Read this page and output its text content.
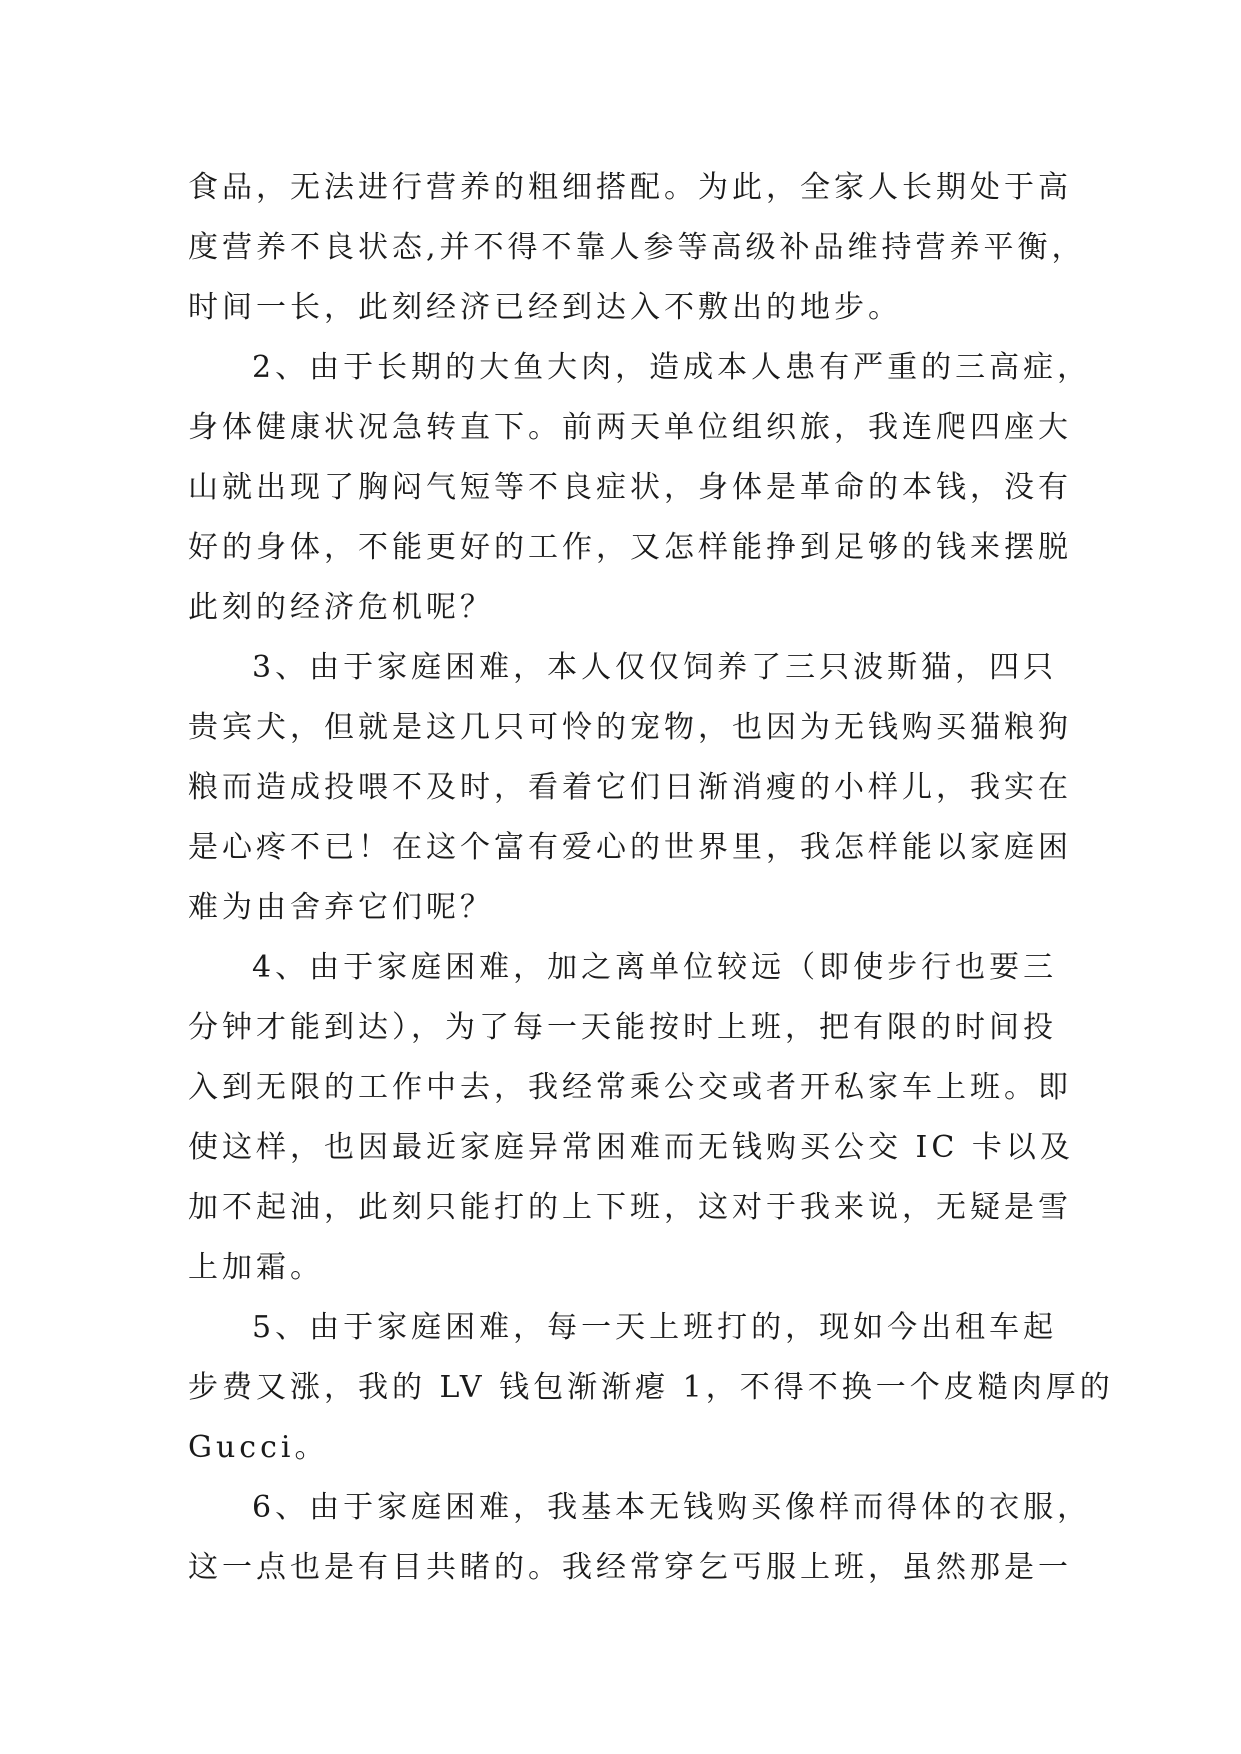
食品，无法进行营养的粗细搭配。为此，全家人长期处于高
度营养不良状态,并不得不靠人参等高级补品维持营养平衡，
时间一长，此刻经济已经到达入不敷出的地步。
2、由于长期的大鱼大肉，造成本人患有严重的三高症，
身体健康状况急转直下。前两天单位组织旅，我连爬四座大
山就出现了胸闷气短等不良症状，身体是革命的本钱，没有
好的身体，不能更好的工作，又怎样能挣到足够的钱来摆脱
此刻的经济危机呢？
3、由于家庭困难，本人仅仅饲养了三只波斯猫，四只
贵宾犬，但就是这几只可怜的宠物，也因为无钱购买猫粮狗
粮而造成投喂不及时，看着它们日渐消瘦的小样儿，我实在
是心疼不已！在这个富有爱心的世界里，我怎样能以家庭困
难为由舍弃它们呢？
4、由于家庭困难，加之离单位较远（即使步行也要三
分钟才能到达），为了每一天能按时上班，把有限的时间投
入到无限的工作中去，我经常乘公交或者开私家车上班。即
使这样，也因最近家庭异常困难而无钱购买公交 IC 卡以及
加不起油，此刻只能打的上下班，这对于我来说，无疑是雪
上加霜。
5、由于家庭困难，每一天上班打的，现如今出租车起
步费又涨，我的 LV 钱包渐渐瘪 1，不得不换一个皮糙肉厚的
Gucci。
6、由于家庭困难，我基本无钱购买像样而得体的衣服，
这一点也是有目共睹的。我经常穿乞丐服上班，虽然那是一
